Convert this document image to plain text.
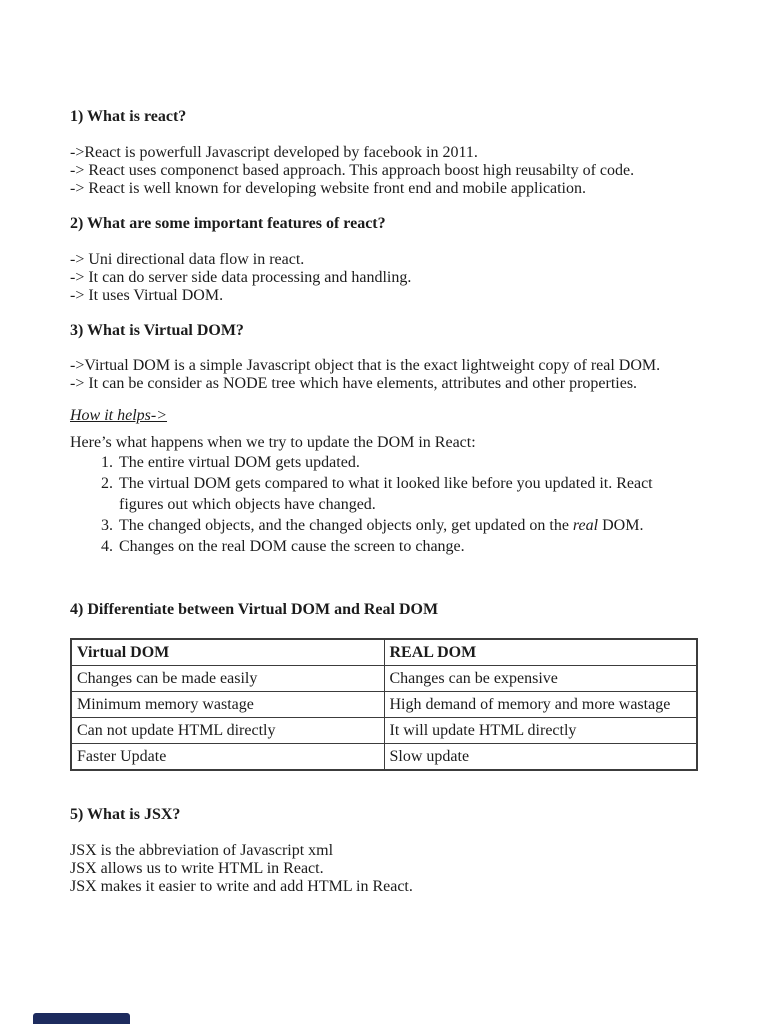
1) What is react?

->React is powerfull Javascript developed by facebook in 2011.
-> React uses componenct based approach. This approach boost high reusabilty of code.
-> React is well known for developing website front end and mobile application.

2) What are some important features of react?

-> Uni directional data flow in react.
-> It can do server side data processing and handling.
-> It uses Virtual DOM.

3) What is Virtual DOM?

->Virtual DOM is a simple Javascript object that is the exact lightweight copy of real DOM.
-> It can be consider as NODE tree which have elements, attributes and other properties.

How it helps->

Here’s what happens when we try to update the DOM in React:

1. The entire virtual DOM gets updated.
2. The virtual DOM gets compared to what it looked like before you updated it. React figures out which objects have changed.
3. The changed objects, and the changed objects only, get updated on the real DOM.
4. Changes on the real DOM cause the screen to change.

4) Differentiate between Virtual DOM and Real DOM

Virtual DOM	REAL DOM
Changes can be made easily	Changes can be expensive
Minimum memory wastage	High demand of memory and more wastage
Can not update HTML directly	It will update HTML directly
Faster Update	Slow update

5) What is JSX?

JSX is the abbreviation of Javascript xml
JSX allows us to write HTML in React.
JSX makes it easier to write and add HTML in React.
